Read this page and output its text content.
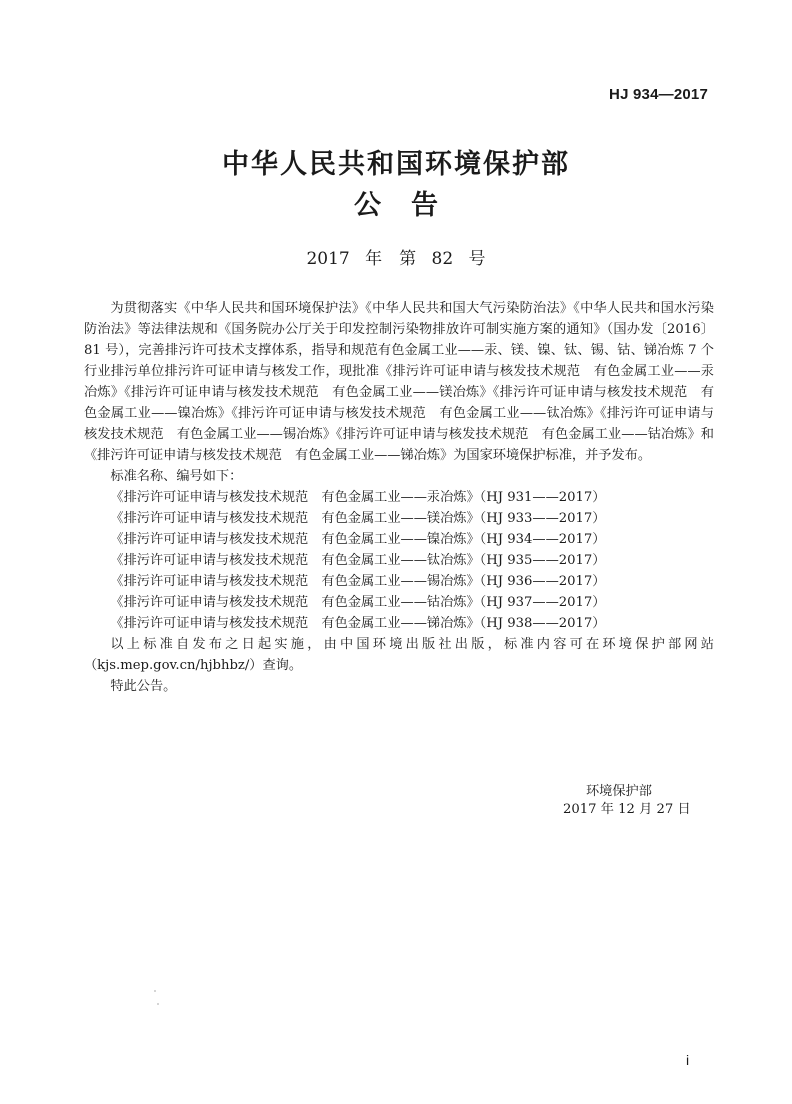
HJ 934—2017
中华人民共和国环境保护部
公告
2017 年　第 82 号

为贯彻落实《中华人民共和国环境保护法》《中华人民共和国大气污染防治法》《中华人民共和国水污染防治法》等法律法规和《国务院办公厅关于印发控制污染物排放许可制实施方案的通知》（国办发〔2016〕81 号），完善排污许可技术支撑体系，指导和规范有色金属工业——汞、镁、镍、钛、锡、钴、锑冶炼 7 个行业排污单位排污许可证申请与核发工作，现批准《排污许可证申请与核发技术规范　有色金属工业——汞冶炼》《排污许可证申请与核发技术规范　有色金属工业——镁冶炼》《排污许可证申请与核发技术规范　有色金属工业——镍冶炼》《排污许可证申请与核发技术规范　有色金属工业——钛冶炼》《排污许可证申请与核发技术规范　有色金属工业——锡冶炼》《排污许可证申请与核发技术规范　有色金属工业——钴冶炼》和《排污许可证申请与核发技术规范　有色金属工业——锑冶炼》为国家环境保护标准，并予发布。

标准名称、编号如下：

《排污许可证申请与核发技术规范　有色金属工业——汞冶炼》（HJ 931——2017）
《排污许可证申请与核发技术规范　有色金属工业——镁冶炼》（HJ 933——2017）
《排污许可证申请与核发技术规范　有色金属工业——镍冶炼》（HJ 934——2017）
《排污许可证申请与核发技术规范　有色金属工业——钛冶炼》（HJ 935——2017）
《排污许可证申请与核发技术规范　有色金属工业——锡冶炼》（HJ 936——2017）
《排污许可证申请与核发技术规范　有色金属工业——钴冶炼》（HJ 937——2017）
《排污许可证申请与核发技术规范　有色金属工业——锑冶炼》（HJ 938——2017）

以上标准自发布之日起实施，由中国环境出版社出版，标准内容可在环境保护部网站（kjs.mep.gov.cn/hjbhbz/）查询。

特此公告。

环境保护部
2017 年 12 月 27 日
i
